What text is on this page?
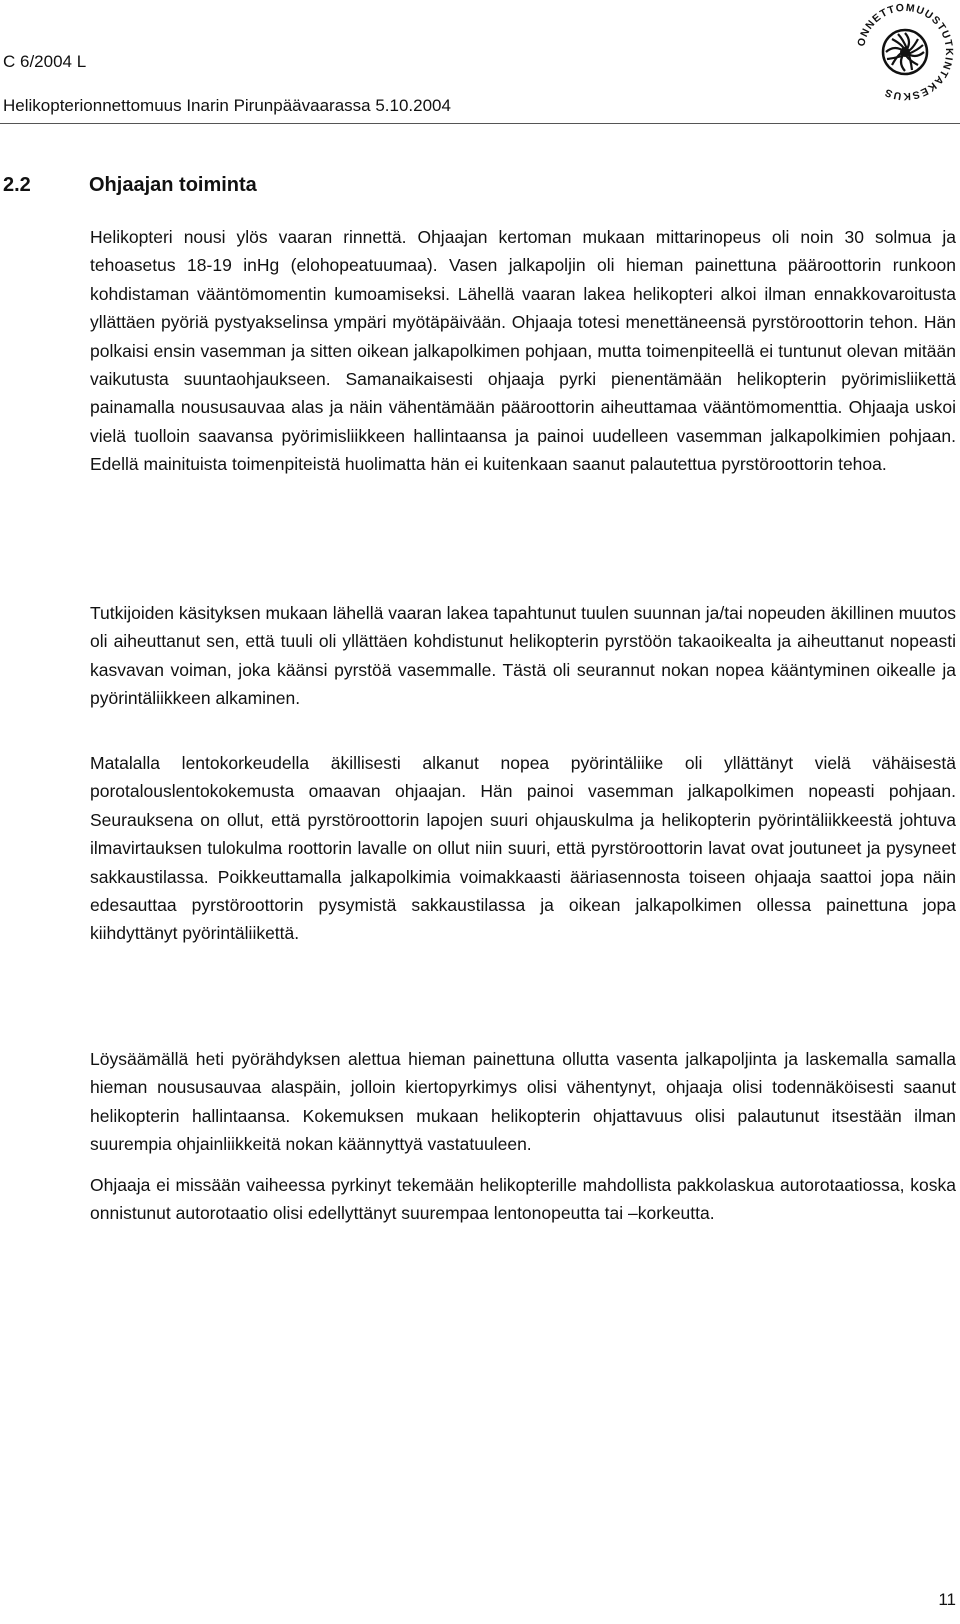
C 6/2004 L
Helikopterionnettomuus Inarin Pirunpäävaarassa 5.10.2004
ONNETTOMUUSTUTKINTAKESKUS
2.2	Ohjaajan toiminta

Helikopteri nousi ylös vaaran rinnettä. Ohjaajan kertoman mukaan mittarinopeus oli noin 30 solmua ja tehoasetus 18-19 inHg (elohopeatuumaa). Vasen jalkapoljin oli hieman painettuna pääroottorin runkoon kohdistaman vääntömomentin kumoamiseksi. Lähellä vaaran lakea helikopteri alkoi ilman ennakkovaroitusta yllättäen pyöriä pystyakselinsa ympäri myötäpäivään. Ohjaaja totesi menettäneensä pyrstöroottorin tehon. Hän polkaisi ensin vasemman ja sitten oikean jalkapolkimen pohjaan, mutta toimenpiteellä ei tuntunut olevan mitään vaikutusta suuntaohjaukseen. Samanaikaisesti ohjaaja pyrki pienentämään helikopterin pyörimisliikettä painamalla noususauvaa alas ja näin vähentämään pääroottorin aiheuttamaa vääntömomenttia. Ohjaaja uskoi vielä tuolloin saavansa pyörimisliikkeen hallintaansa ja painoi uudelleen vasemman jalkapolkimien pohjaan. Edellä mainituista toimenpiteistä huolimatta hän ei kuitenkaan saanut palautettua pyrstöroottorin tehoa.

Tutkijoiden käsityksen mukaan lähellä vaaran lakea tapahtunut tuulen suunnan ja/tai nopeuden äkillinen muutos oli aiheuttanut sen, että tuuli oli yllättäen kohdistunut helikopterin pyrstöön takaoikealta ja aiheuttanut nopeasti kasvavan voiman, joka käänsi pyrstöä vasemmalle. Tästä oli seurannut nokan nopea kääntyminen oikealle ja pyörintäliikkeen alkaminen.

Matalalla lentokorkeudella äkillisesti alkanut nopea pyörintäliike oli yllättänyt vielä vähäisestä porotalouslentokokemusta omaavan ohjaajan. Hän painoi vasemman jalkapolkimen nopeasti pohjaan. Seurauksena on ollut, että pyrstöroottorin lapojen suuri ohjauskulma ja helikopterin pyörintäliikkeestä johtuva ilmavirtauksen tulokulma roottorin lavalle on ollut niin suuri, että pyrstöroottorin lavat ovat joutuneet ja pysyneet sakkaustilassa. Poikkeuttamalla jalkapolkimia voimakkaasti ääriasennosta toiseen ohjaaja saattoi jopa näin edesauttaa pyrstöroottorin pysymistä sakkaustilassa ja oikean jalkapolkimen ollessa painettuna jopa kiihdyttänyt pyörintäliikettä.

Löysäämällä heti pyörähdyksen alettua hieman painettuna ollutta vasenta jalkapoljinta ja laskemalla samalla hieman noususauvaa alaspäin, jolloin kiertopyrkimys olisi vähentynyt, ohjaaja olisi todennäköisesti saanut helikopterin hallintaansa. Kokemuksen mukaan helikopterin ohjattavuus olisi palautunut itsestään ilman suurempia ohjainliikkeitä nokan käännyttyä vastatuuleen.

Ohjaaja ei missään vaiheessa pyrkinyt tekemään helikopterille mahdollista pakkolaskua autorotaatiossa, koska onnistunut autorotaatio olisi edellyttänyt suurempaa lentonopeutta tai –korkeutta.

11
